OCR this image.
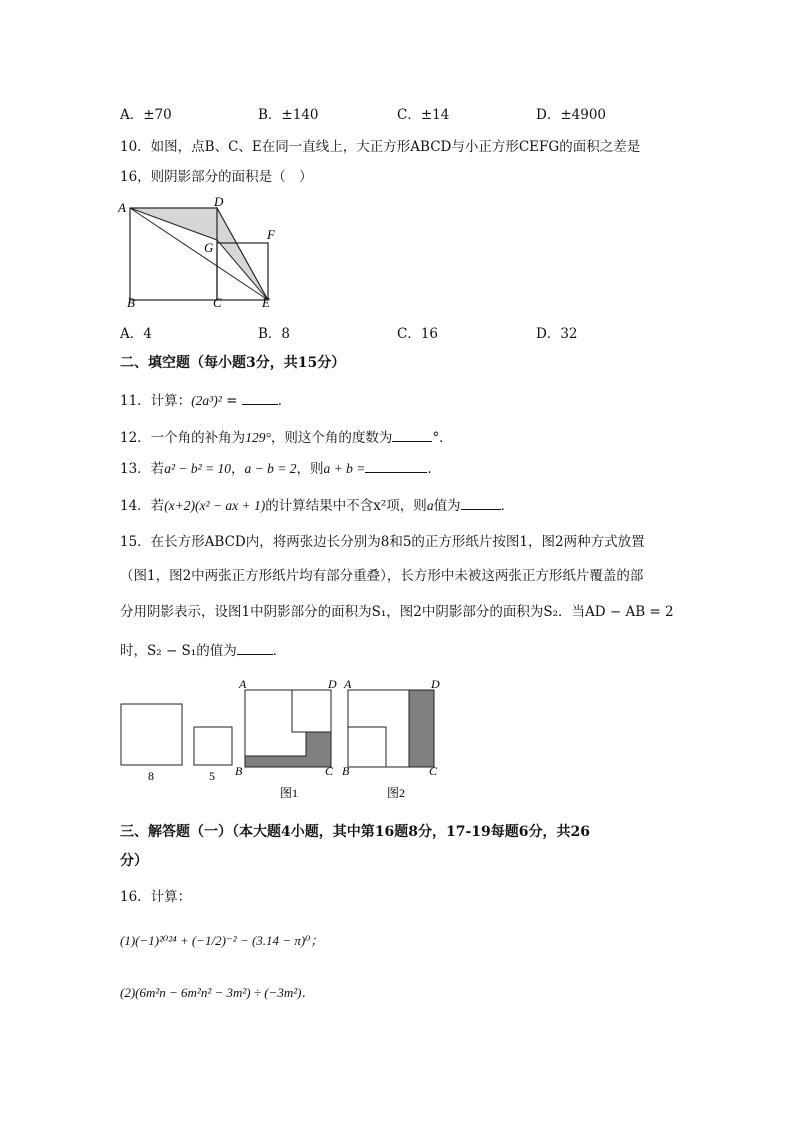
A．±70	B．±140	C．±14	D．±4900
10．如图，点B、C、E在同一直线上，大正方形ABCD与小正方形CEFG的面积之差是
16，则阴影部分的面积是（　）
A	D
G
F
B	C	E
A．4	B．8	C．16	D．32
二、填空题（每小题3分，共15分）
11．计算：(2a³)² =	．
12．一个角的补角为129°，则这个角的度数为	°．
13．若a² − b² = 10，a − b = 2，则a + b =	．
14．若(x+2)(x² − ax + 1)的计算结果中不含x²项，则a值为	．
15．在长方形ABCD内，将两张边长分别为8和5的正方形纸片按图1，图2两种方式放置
（图1，图2中两张正方形纸片均有部分重叠），长方形中未被这两张正方形纸片覆盖的部
分用阴影表示，设图1中阴影部分的面积为S₁，图2中阴影部分的面积为S₂．当AD − AB = 2
时，S₂ − S₁的值为	．
8	5
A	D
B	C
图1
A	D
B	C
图2
三、解答题（一）（本大题4小题，其中第16题8分，17-19每题6分，共26
分）
16．计算：
(1)(−1)²⁰²⁴ + (−1/2)⁻² − (3.14 − π)⁰；
(2)(6m²n − 6m²n² − 3m²) ÷ (−3m²)．
